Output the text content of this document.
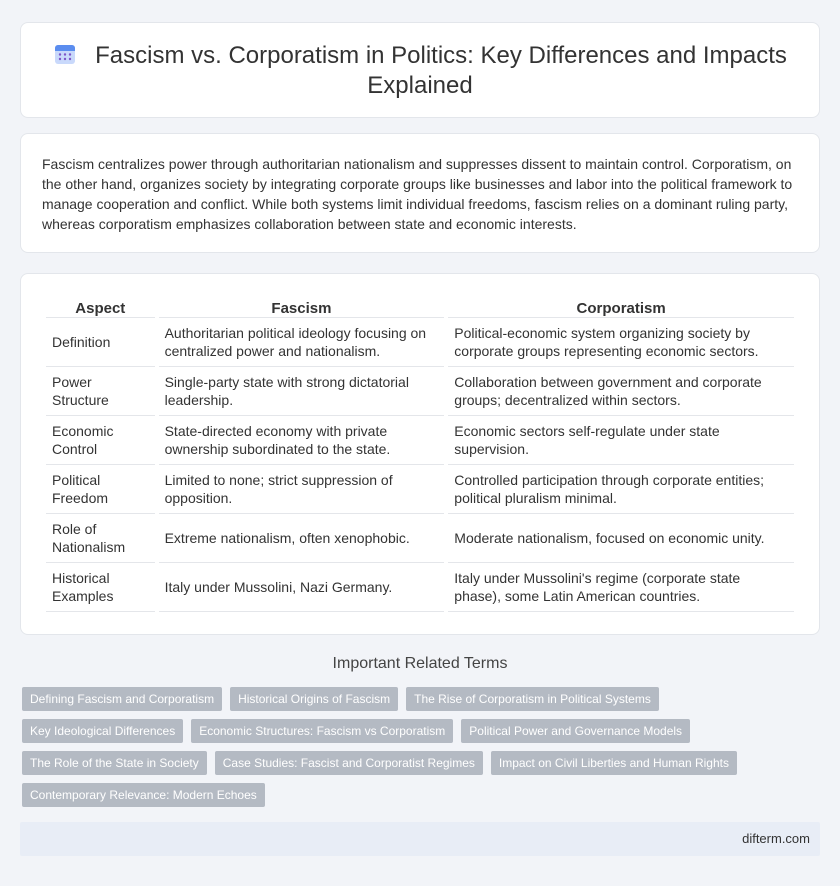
Fascism vs. Corporatism in Politics: Key Differences and Impacts Explained

Fascism centralizes power through authoritarian nationalism and suppresses dissent to maintain control. Corporatism, on the other hand, organizes society by integrating corporate groups like businesses and labor into the political framework to manage cooperation and conflict. While both systems limit individual freedoms, fascism relies on a dominant ruling party, whereas corporatism emphasizes collaboration between state and economic interests.

Aspect	Fascism	Corporatism
Definition	Authoritarian political ideology focusing on centralized power and nationalism.	Political-economic system organizing society by corporate groups representing economic sectors.
Power Structure	Single-party state with strong dictatorial leadership.	Collaboration between government and corporate groups; decentralized within sectors.
Economic Control	State-directed economy with private ownership subordinated to the state.	Economic sectors self-regulate under state supervision.
Political Freedom	Limited to none; strict suppression of opposition.	Controlled participation through corporate entities; political pluralism minimal.
Role of Nationalism	Extreme nationalism, often xenophobic.	Moderate nationalism, focused on economic unity.
Historical Examples	Italy under Mussolini, Nazi Germany.	Italy under Mussolini's regime (corporate state phase), some Latin American countries.
Important Related Terms
Defining Fascism and Corporatism	Historical Origins of Fascism	The Rise of Corporatism in Political Systems
Key Ideological Differences	Economic Structures: Fascism vs Corporatism	Political Power and Governance Models
The Role of the State in Society	Case Studies: Fascist and Corporatist Regimes	Impact on Civil Liberties and Human Rights
Contemporary Relevance: Modern Echoes
difterm.com
